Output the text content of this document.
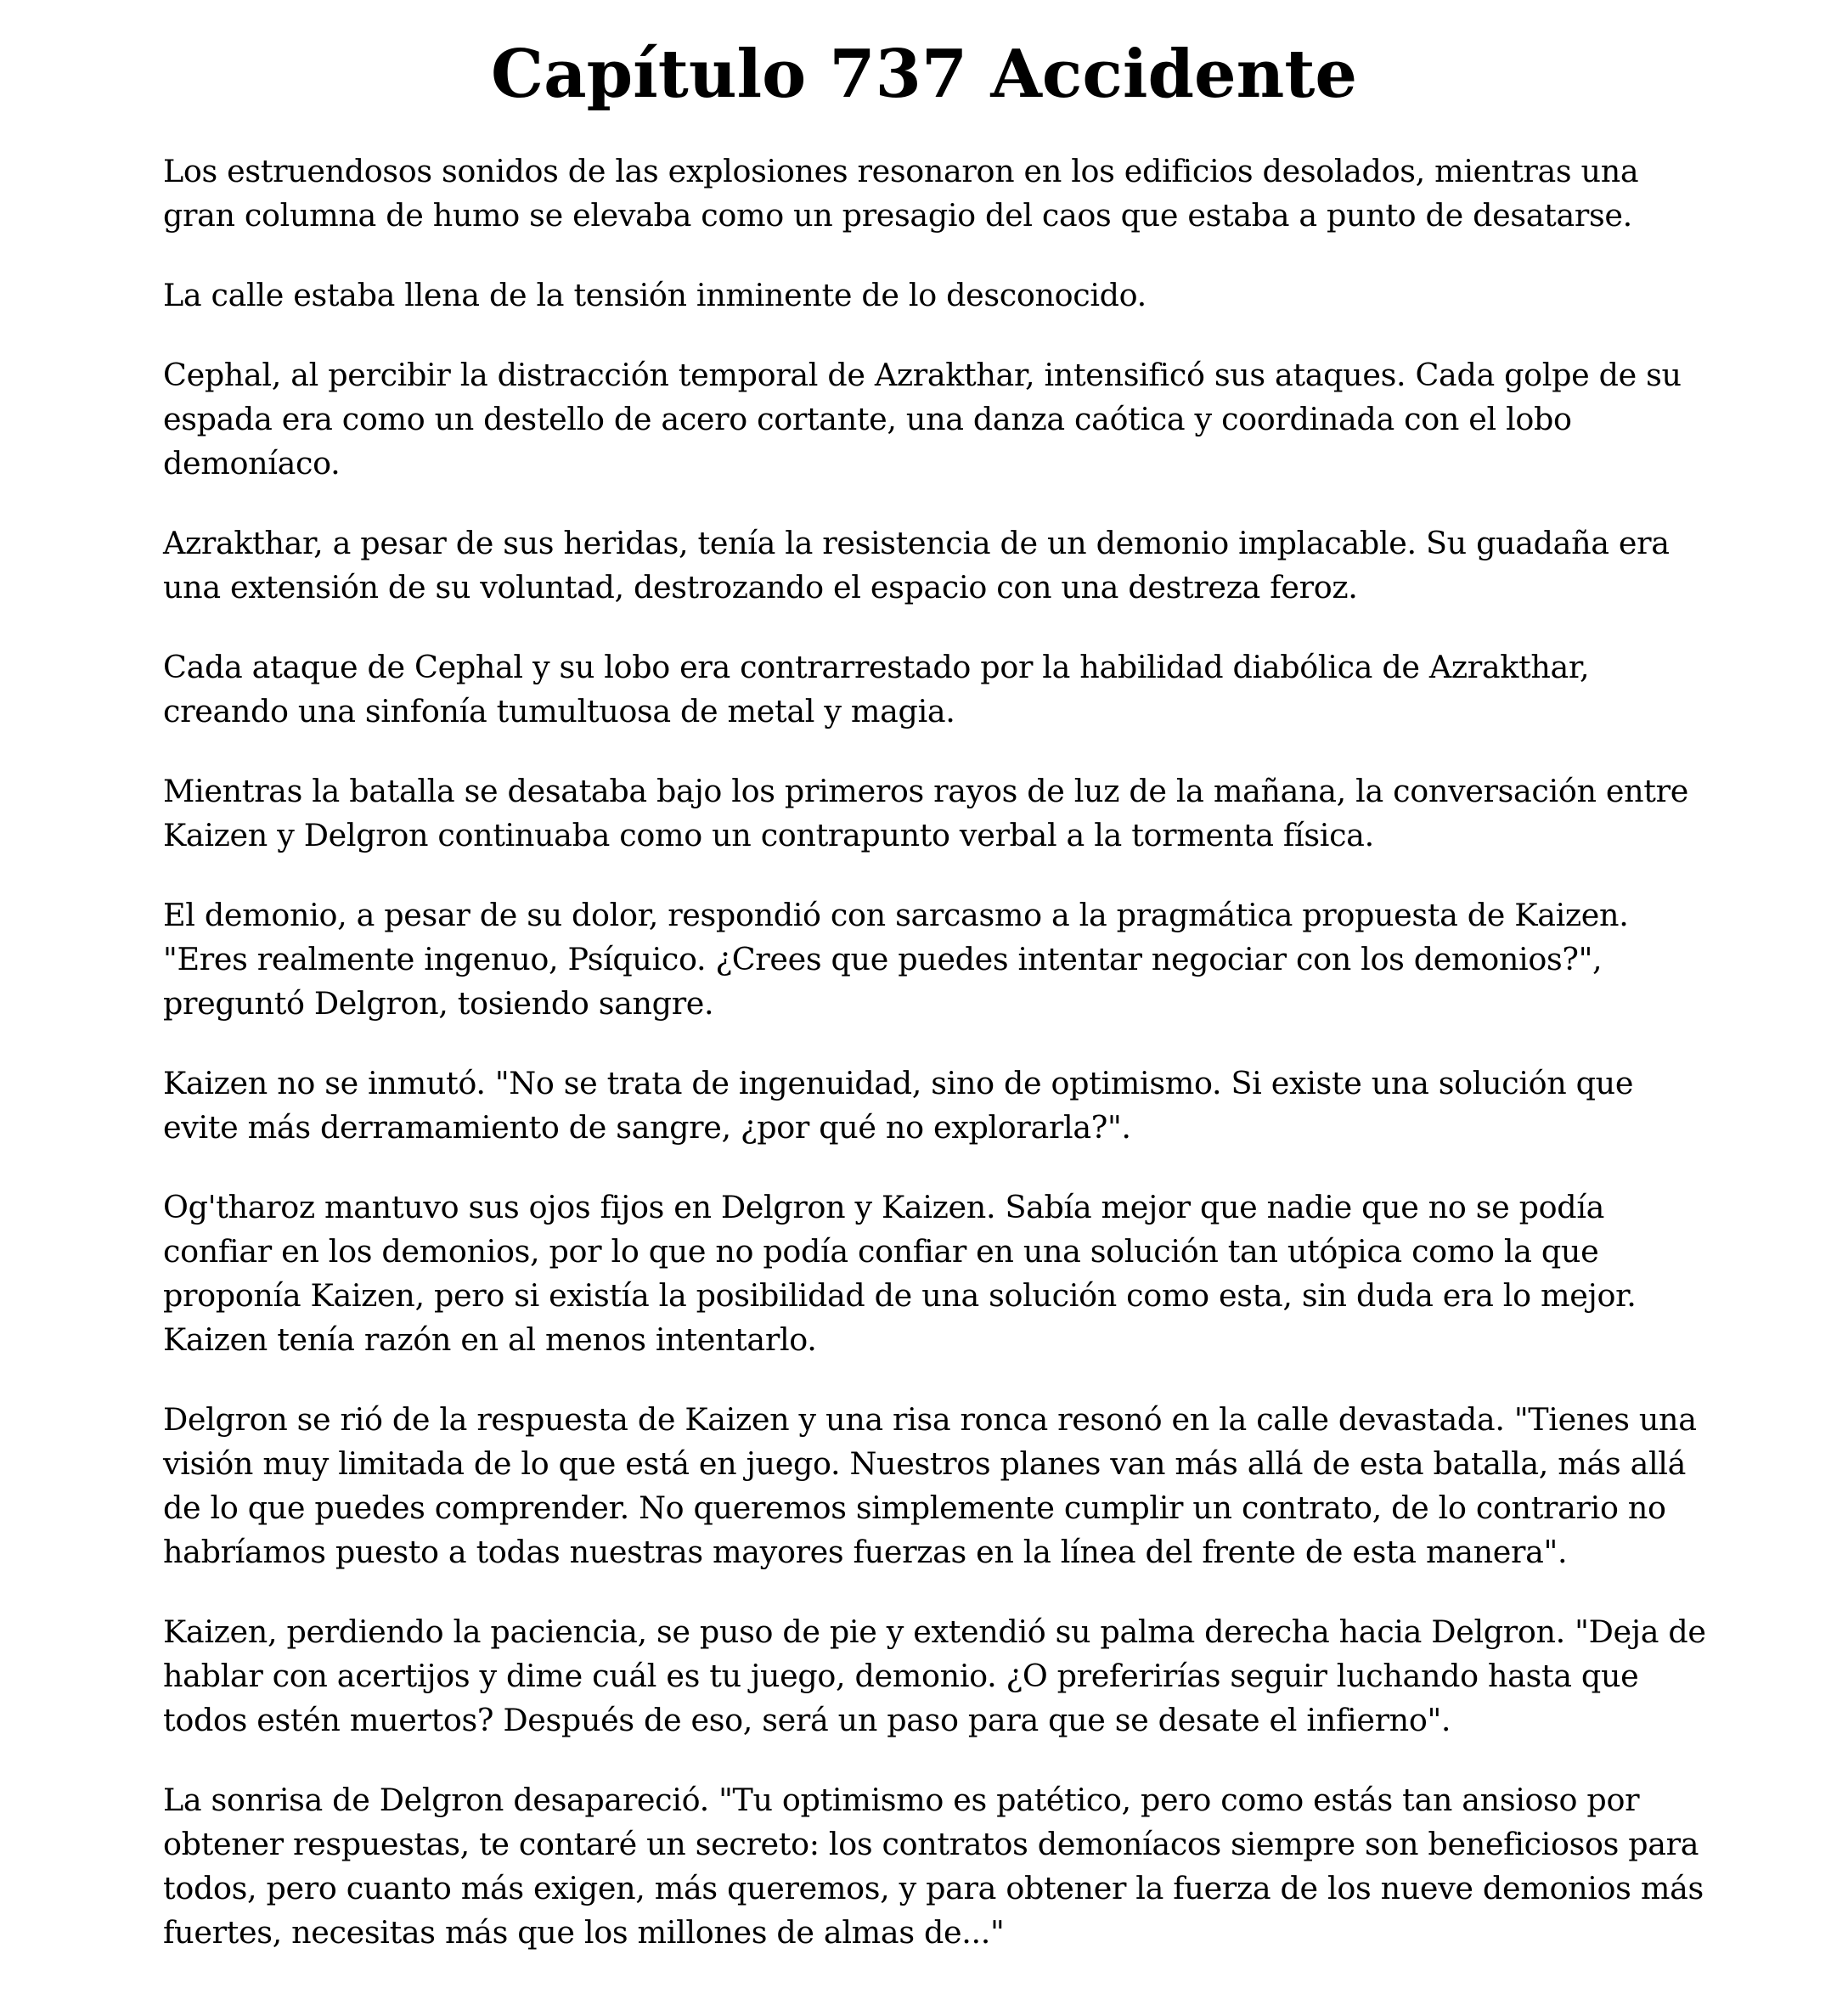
Capítulo 737 Accidente

Los estruendosos sonidos de las explosiones resonaron en los edificios desolados, mientras una gran columna de humo se elevaba como un presagio del caos que estaba a punto de desatarse.

La calle estaba llena de la tensión inminente de lo desconocido.

Cephal, al percibir la distracción temporal de Azrakthar, intensificó sus ataques. Cada golpe de su espada era como un destello de acero cortante, una danza caótica y coordinada con el lobo demoníaco.

Azrakthar, a pesar de sus heridas, tenía la resistencia de un demonio implacable. Su guadaña era una extensión de su voluntad, destrozando el espacio con una destreza feroz.

Cada ataque de Cephal y su lobo era contrarrestado por la habilidad diabólica de Azrakthar, creando una sinfonía tumultuosa de metal y magia.

Mientras la batalla se desataba bajo los primeros rayos de luz de la mañana, la conversación entre Kaizen y Delgron continuaba como un contrapunto verbal a la tormenta física.

El demonio, a pesar de su dolor, respondió con sarcasmo a la pragmática propuesta de Kaizen. "Eres realmente ingenuo, Psíquico. ¿Crees que puedes intentar negociar con los demonios?", preguntó Delgron, tosiendo sangre.

Kaizen no se inmutó. "No se trata de ingenuidad, sino de optimismo. Si existe una solución que evite más derramamiento de sangre, ¿por qué no explorarla?".

Og'tharoz mantuvo sus ojos fijos en Delgron y Kaizen. Sabía mejor que nadie que no se podía confiar en los demonios, por lo que no podía confiar en una solución tan utópica como la que proponía Kaizen, pero si existía la posibilidad de una solución como esta, sin duda era lo mejor. Kaizen tenía razón en al menos intentarlo.

Delgron se rió de la respuesta de Kaizen y una risa ronca resonó en la calle devastada. "Tienes una visión muy limitada de lo que está en juego. Nuestros planes van más allá de esta batalla, más allá de lo que puedes comprender. No queremos simplemente cumplir un contrato, de lo contrario no habríamos puesto a todas nuestras mayores fuerzas en la línea del frente de esta manera".

Kaizen, perdiendo la paciencia, se puso de pie y extendió su palma derecha hacia Delgron. "Deja de hablar con acertijos y dime cuál es tu juego, demonio. ¿O preferirías seguir luchando hasta que todos estén muertos? Después de eso, será un paso para que se desate el infierno".

La sonrisa de Delgron desapareció. "Tu optimismo es patético, pero como estás tan ansioso por obtener respuestas, te contaré un secreto: los contratos demoníacos siempre son beneficiosos para todos, pero cuanto más exigen, más queremos, y para obtener la fuerza de los nueve demonios más fuertes, necesitas más que los millones de almas de..."
